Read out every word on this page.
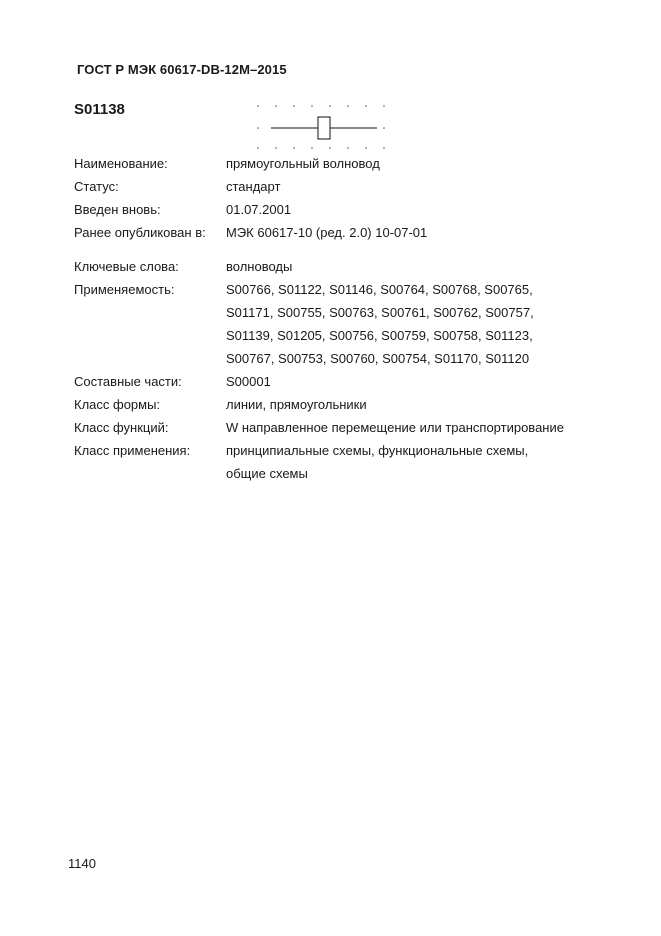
ГОСТ Р МЭК 60617-DB-12M–2015
S01138
Наименование:	прямоугольный волновод
Статус:	стандарт
Введен вновь:	01.07.2001
Ранее опубликован в: МЭК 60617-10 (ред. 2.0) 10-07-01
Ключевые слова:	волноводы
Применяемость:	S00766, S01122, S01146, S00764, S00768, S00765,
S01171, S00755, S00763, S00761, S00762, S00757,
S01139, S01205, S00756, S00759, S00758, S01123,
S00767, S00753, S00760, S00754, S01170, S01120
Составные части:	S00001
Класс формы:	линии, прямоугольники
Класс функций:	W направленное перемещение или транспортирование
Класс применения:	принципиальные схемы, функциональные схемы,
общие схемы
1140
